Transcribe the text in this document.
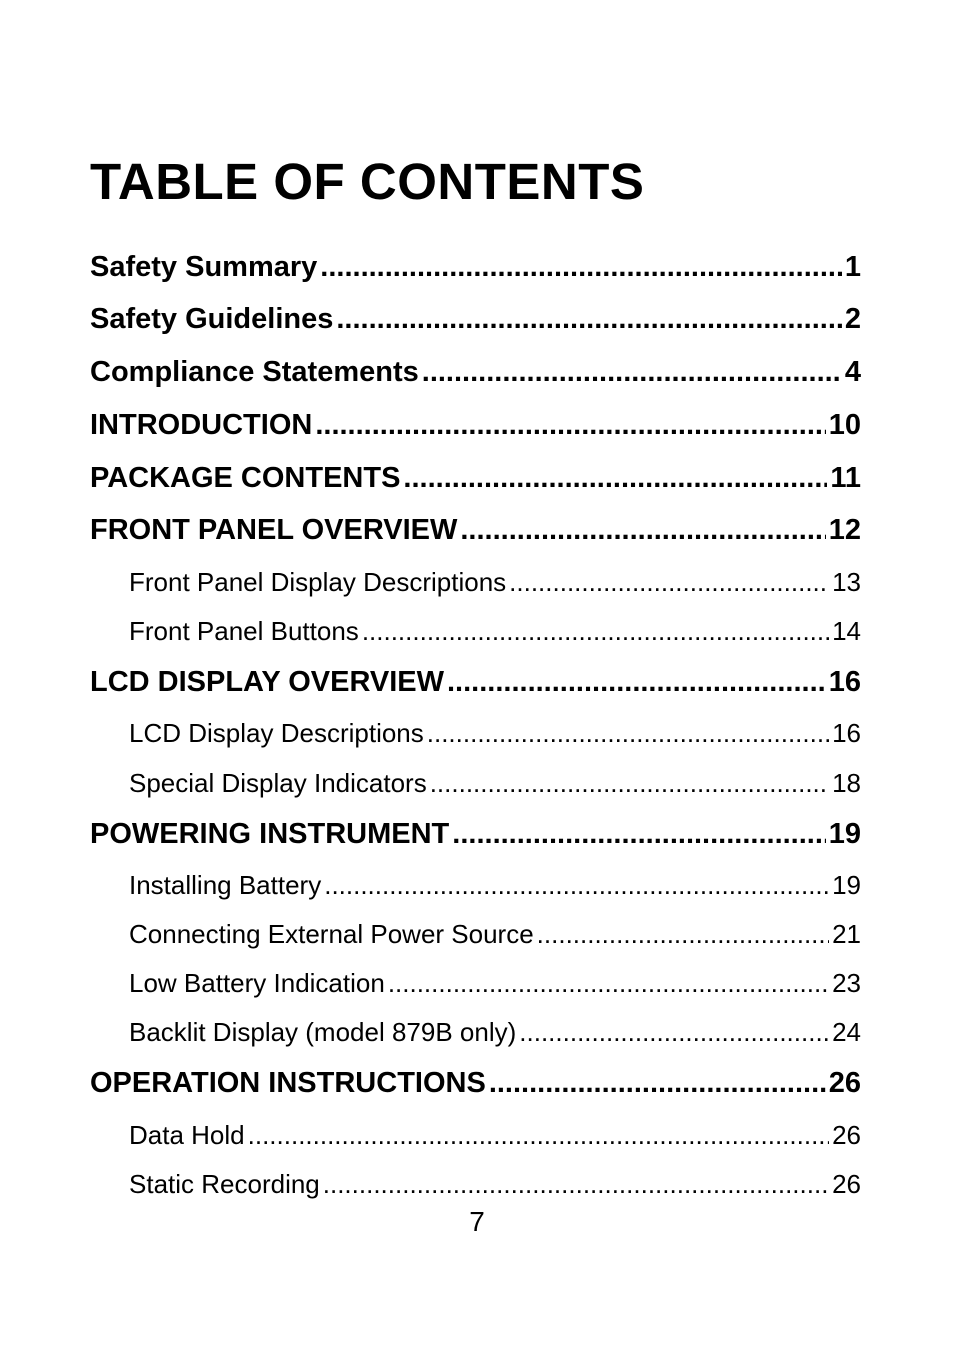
TABLE OF CONTENTS
Safety Summary .....	1
Safety Guidelines .....	2
Compliance Statements .....	4
INTRODUCTION .....	10
PACKAGE CONTENTS .....	11
FRONT PANEL OVERVIEW .....	12
Front Panel Display Descriptions .....	13
Front Panel Buttons .....	14
LCD DISPLAY OVERVIEW .....	16
LCD Display Descriptions .....	16
Special Display Indicators .....	18
POWERING INSTRUMENT .....	19
Installing Battery .....	19
Connecting External Power Source .....	21
Low Battery Indication .....	23
Backlit Display (model 879B only) .....	24
OPERATION INSTRUCTIONS .....	26
Data Hold .....	26
Static Recording .....	26
7
